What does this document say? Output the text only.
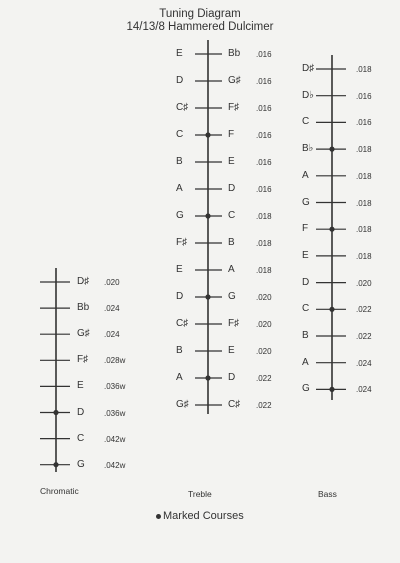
Tuning Diagram
14/13/8 Hammered Dulcimer
E	Bb .016
D	G♯ .016
C♯	F♯ .016
C	F	.016
B	E	.016
A	D	.016
G	C	.018
F♯	B	.018
E	A	.018
D	G	.020
C♯	F♯ .020
B	E	.020
A	D	.022
G♯	C♯ .022
D♯	.018
D♭	.016
C	.016
B♭	.018
A	.018
G	.018
F	.018
E	.018
D	.020
C	.022
B	.022
A	.024
G	.024
D♯ .020
Bb .024
G♯ .024
F♯ .028w
E	.036w
D .036w
C .042w
G .042w
Chromatic	Treble	Bass
Marked Courses
